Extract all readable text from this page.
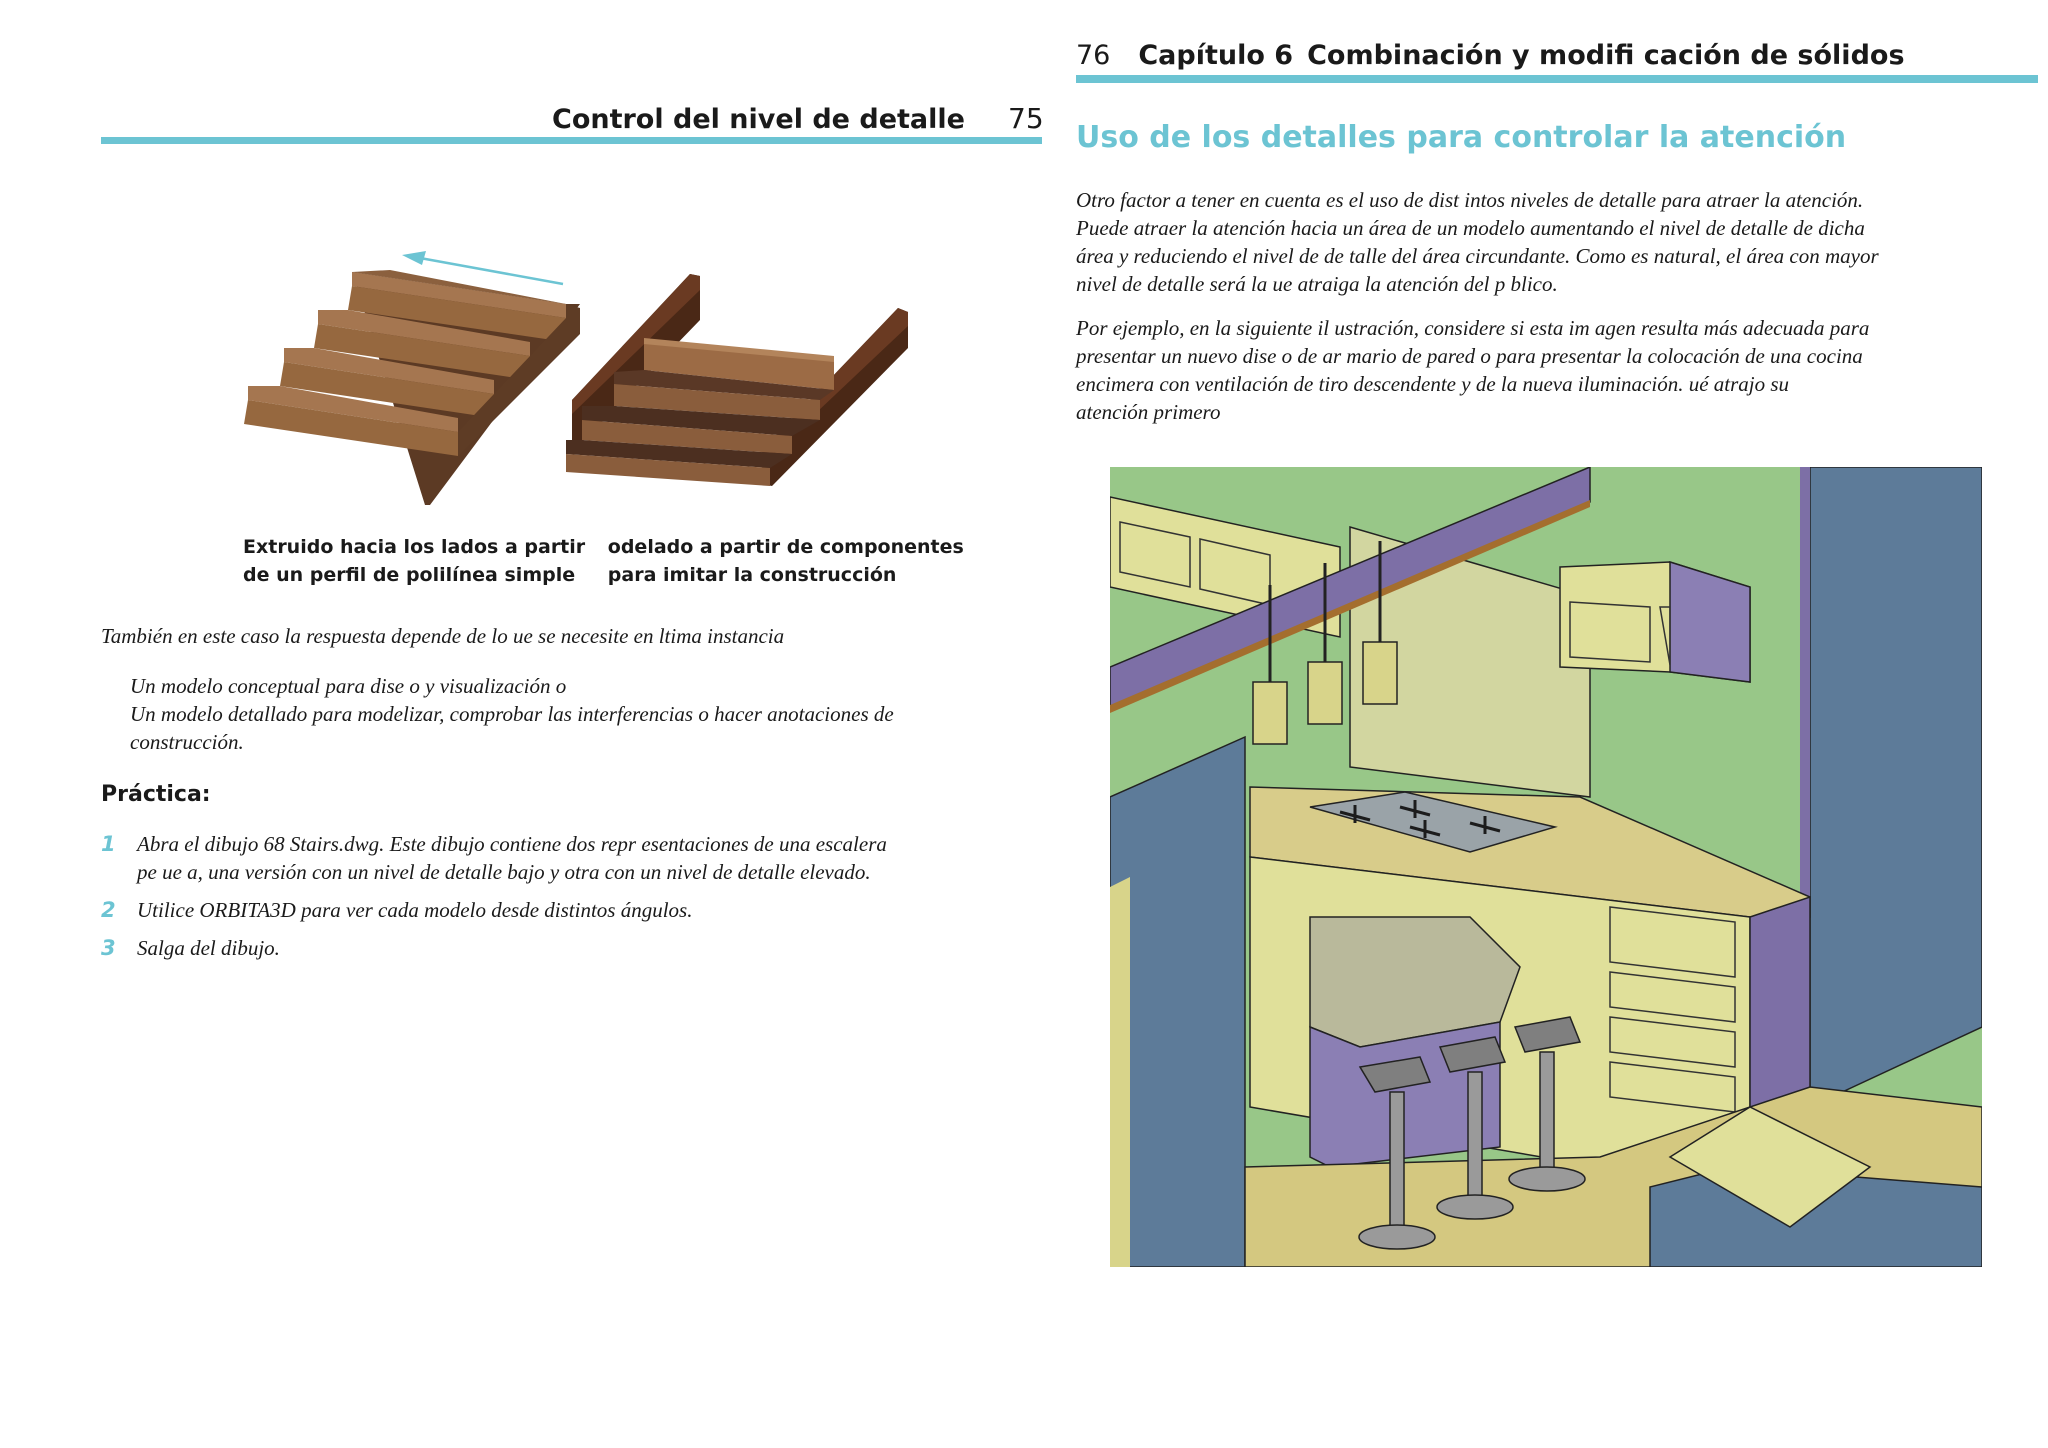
Control del nivel de detalle 75
Extruido hacia los lados a partir
de un perfil de polilínea simple

odelado a partir de componentes
para imitar la construcción
También en este caso la respuesta depende de lo ue se necesite en ltima instancia
Un modelo conceptual para dise o y visualización o
Un modelo detallado para modelizar, comprobar las interferencias o hacer anotaciones de
construcción.
Práctica:
1 Abra el dibujo 68 Stairs.dwg. Este dibujo contiene dos repr esentaciones de una escalera
pe ue a, una versión con un nivel de detalle bajo y otra con un nivel de detalle elevado.
2 Utilice ORBITA3D para ver cada modelo desde distintos ángulos.
3 Salga del dibujo.
76 Capítulo 6 Combinación y modifi cación de sólidos
Uso de los detalles para controlar la atención
Otro factor a tener en cuenta es el uso de dist intos niveles de detalle para atraer la atención.
Puede atraer la atención hacia un área de un modelo aumentando el nivel de detalle de dicha
área y reduciendo el nivel de de talle del área circundante. Como es natural, el área con mayor
nivel de detalle será la ue atraiga la atención del p blico.
Por ejemplo, en la siguiente il ustración, considere si esta im agen resulta más adecuada para
presentar un nuevo dise o de ar mario de pared o para presentar la colocación de una cocina
encimera con ventilación de tiro descendente y de la nueva iluminación. ué atrajo su
atención primero
